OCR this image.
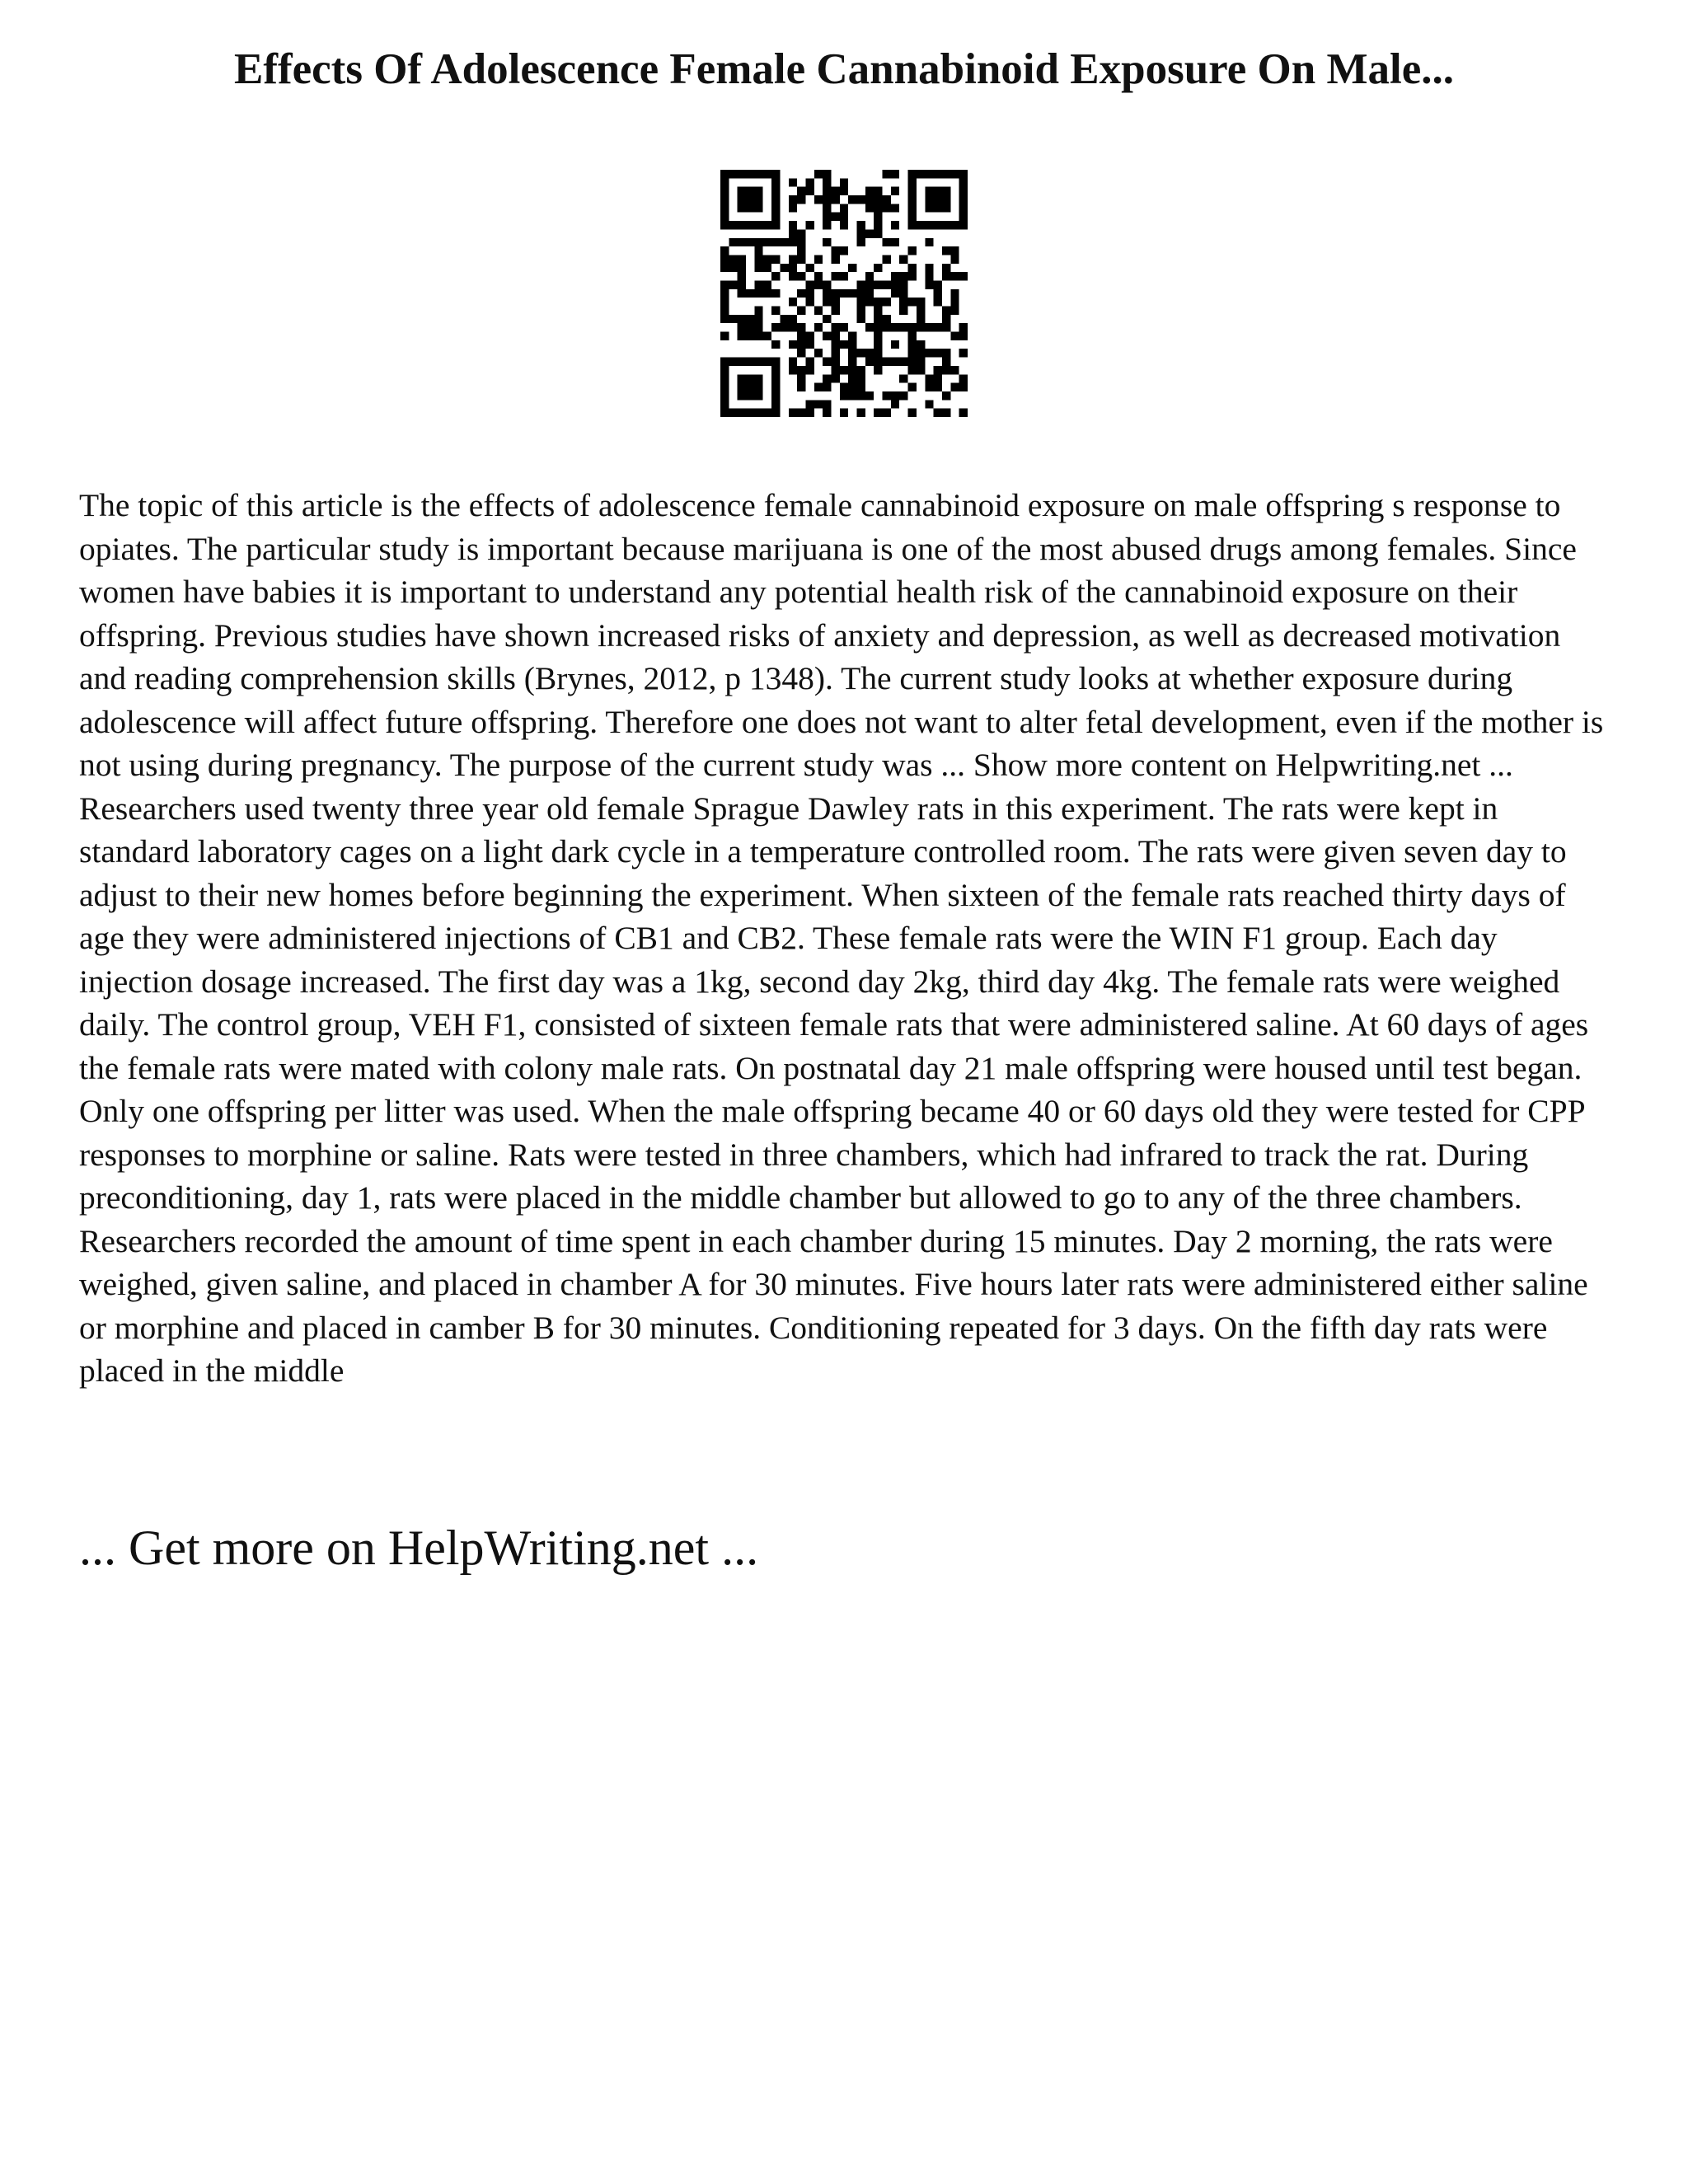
Effects Of Adolescence Female Cannabinoid Exposure On Male...

The topic of this article is the effects of adolescence female cannabinoid exposure on male offspring s response to opiates. The particular study is important because marijuana is one of the most abused drugs among females. Since women have babies it is important to understand any potential health risk of the cannabinoid exposure on their offspring. Previous studies have shown increased risks of anxiety and depression, as well as decreased motivation and reading comprehension skills (Brynes, 2012, p 1348). The current study looks at whether exposure during adolescence will affect future offspring. Therefore one does not want to alter fetal development, even if the mother is not using during pregnancy. The purpose of the current study was ... Show more content on Helpwriting.net ... Researchers used twenty three year old female Sprague Dawley rats in this experiment. The rats were kept in standard laboratory cages on a light dark cycle in a temperature controlled room. The rats were given seven day to adjust to their new homes before beginning the experiment. When sixteen of the female rats reached thirty days of age they were administered injections of CB1 and CB2. These female rats were the WIN F1 group. Each day injection dosage increased. The first day was a 1kg, second day 2kg, third day 4kg. The female rats were weighed daily. The control group, VEH F1, consisted of sixteen female rats that were administered saline. At 60 days of ages the female rats were mated with colony male rats. On postnatal day 21 male offspring were housed until test began. Only one offspring per litter was used. When the male offspring became 40 or 60 days old they were tested for CPP responses to morphine or saline. Rats were tested in three chambers, which had infrared to track the rat. During preconditioning, day 1, rats were placed in the middle chamber but allowed to go to any of the three chambers. Researchers recorded the amount of time spent in each chamber during 15 minutes. Day 2 morning, the rats were weighed, given saline, and placed in chamber A for 30 minutes. Five hours later rats were administered either saline or morphine and placed in camber B for 30 minutes. Conditioning repeated for 3 days. On the fifth day rats were placed in the middle

... Get more on HelpWriting.net ...
